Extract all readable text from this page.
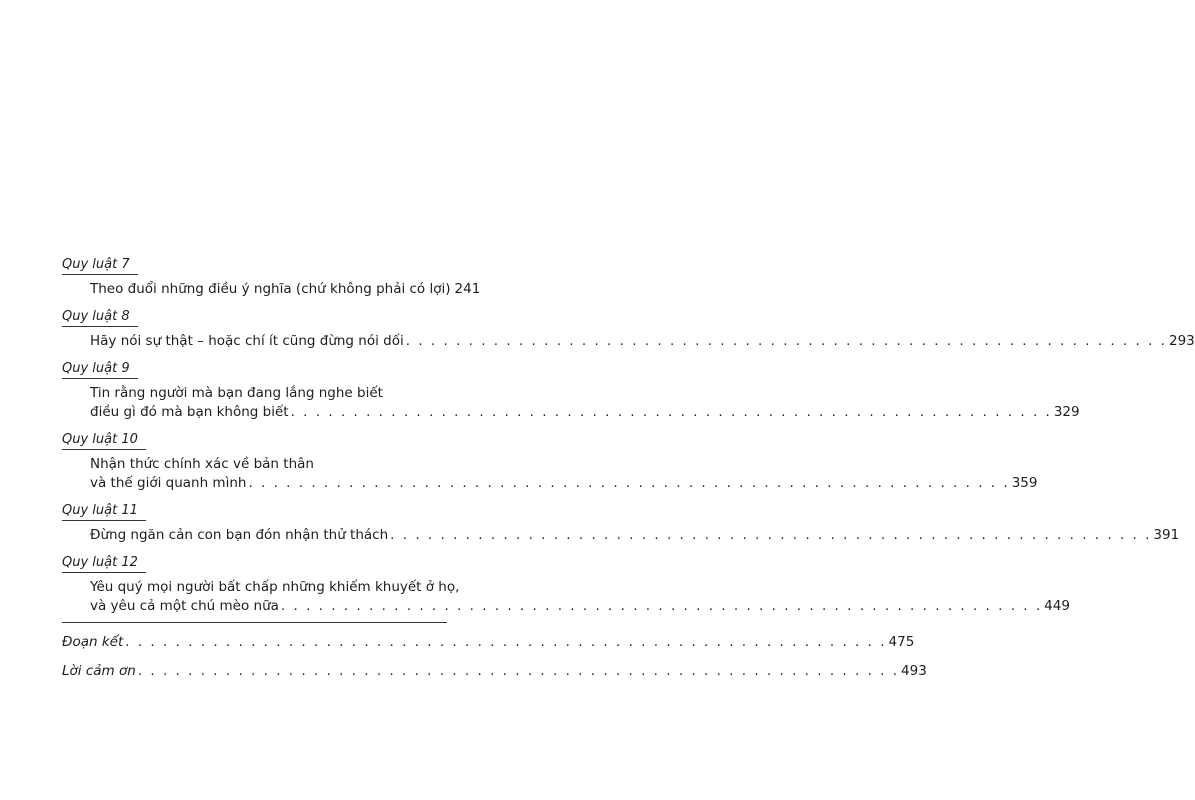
Quy luật 7
Theo đuổi những điều ý nghĩa (chứ không phải có lợi) 241
Quy luật 8
Hãy nói sự thật – hoặc chí ít cũng đừng nói dối . . . . . . . . . . . . . . . . . . . . . . . . . . . . . . . . . . . . . . . . . . . . . . . . . . . . . . . . . . . . . 293
Quy luật 9
Tin rằng người mà bạn đang lắng nghe biết
điều gì đó mà bạn không biết . . . . . . . . . . . . . . . . . . . . . . . . . . . . . . . . . . . . . . . . . . . . . . . . . . . . . . . . . . . . . 329
Quy luật 10
Nhận thức chính xác về bản thân
và thế giới quanh mình . . . . . . . . . . . . . . . . . . . . . . . . . . . . . . . . . . . . . . . . . . . . . . . . . . . . . . . . . . . . . 359
Quy luật 11
Đừng ngăn cản con bạn đón nhận thử thách . . . . . . . . . . . . . . . . . . . . . . . . . . . . . . . . . . . . . . . . . . . . . . . . . . . . . . . . . . . . . 391
Quy luật 12
Yêu quý mọi người bất chấp những khiếm khuyết ở họ,
và yêu cả một chú mèo nữa . . . . . . . . . . . . . . . . . . . . . . . . . . . . . . . . . . . . . . . . . . . . . . . . . . . . . . . . . . . . . 449
Đoạn kết . . . . . . . . . . . . . . . . . . . . . . . . . . . . . . . . . . . . . . . . . . . . . . . . . . . . . . . . . . . . . 475
Lời cảm ơn . . . . . . . . . . . . . . . . . . . . . . . . . . . . . . . . . . . . . . . . . . . . . . . . . . . . . . . . . . . . . 493
